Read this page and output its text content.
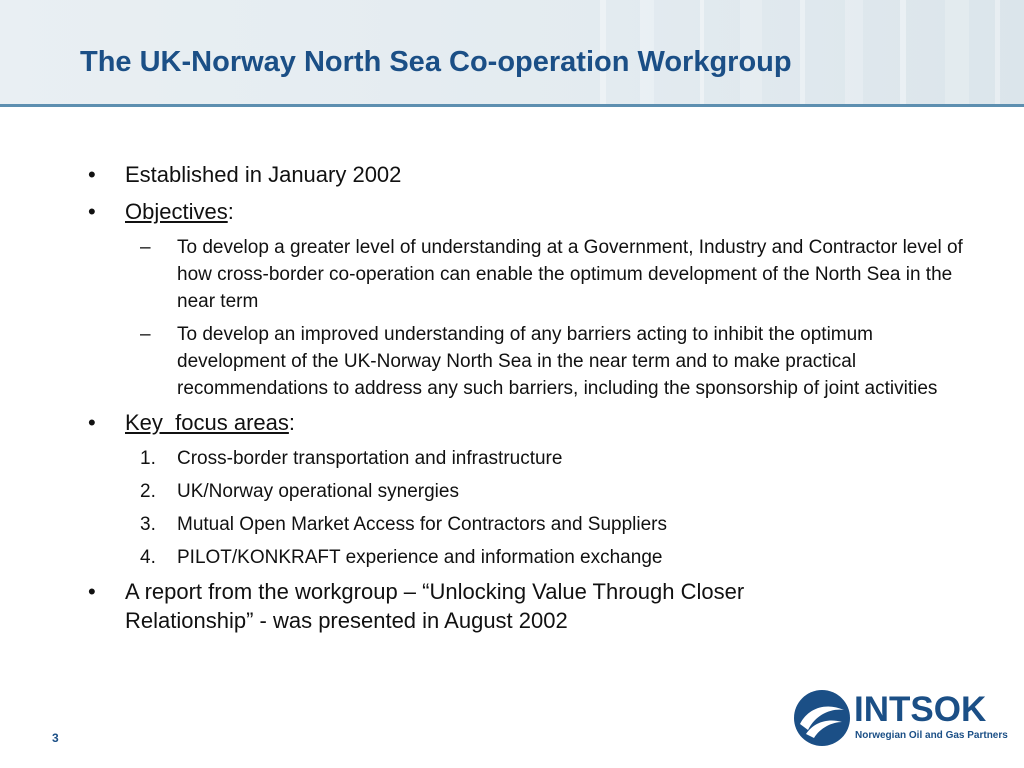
The UK-Norway North Sea Co-operation Workgroup
•	Established in January 2002
•	Objectives:
–	To develop a greater level of understanding at a Government, Industry and Contractor level of how cross-border co-operation can enable the optimum development of the North Sea in the near term
–	To develop an improved understanding of any barriers acting to inhibit the optimum development of the UK-Norway North Sea in the near term and to make practical recommendations to address any such barriers, including the sponsorship of joint activities
•	Key  focus areas:
1.	Cross-border transportation and infrastructure
2.	UK/Norway operational synergies
3.	Mutual Open Market Access for Contractors and Suppliers
4.	PILOT/KONKRAFT experience and information exchange
•	A report from the workgroup – “Unlocking Value Through Closer Relationship” - was presented in August 2002
3
INTSOK
Norwegian Oil and Gas Partners
